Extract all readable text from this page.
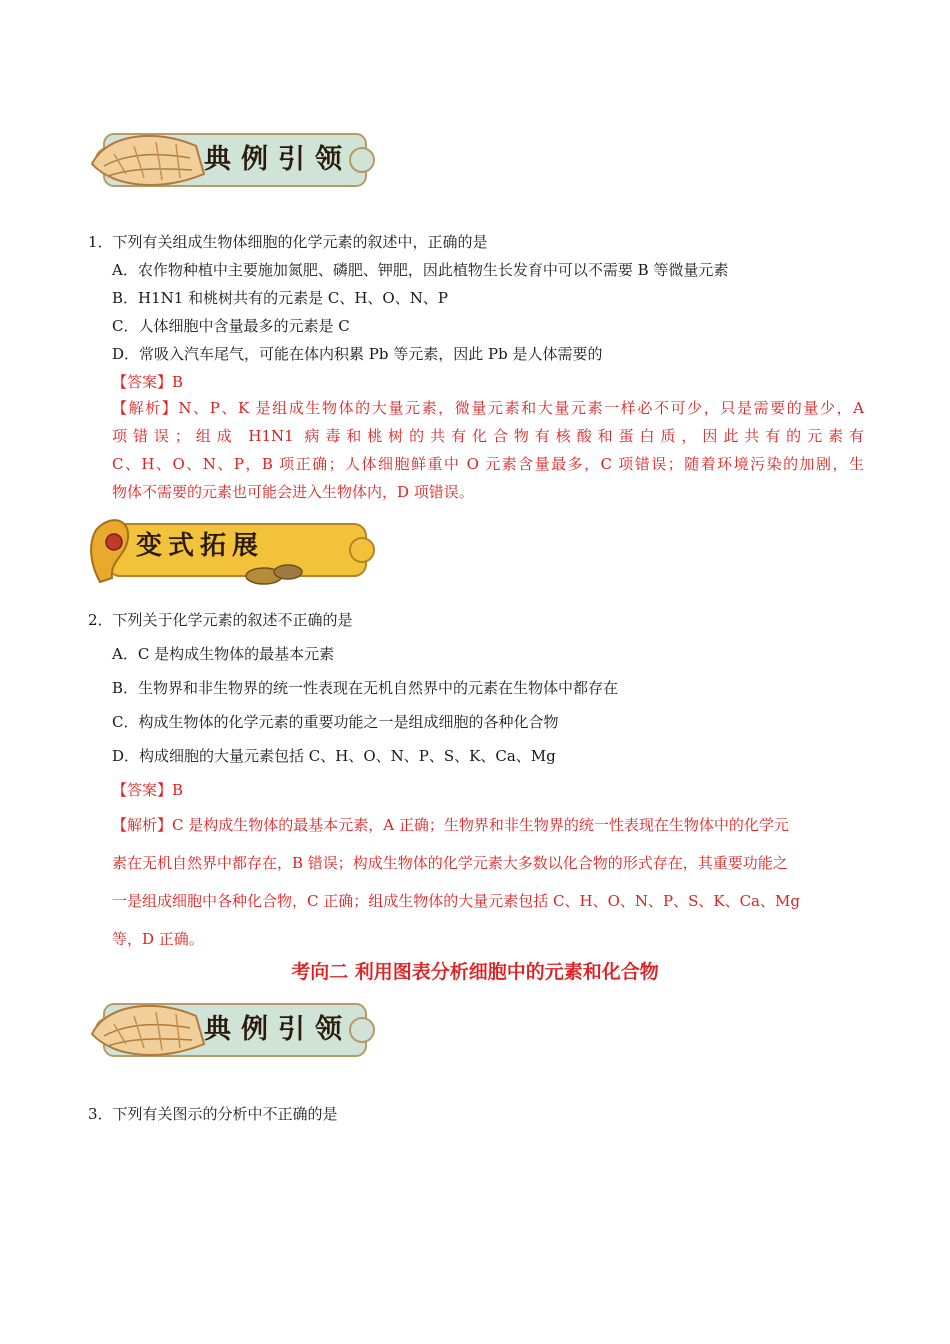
典例引领
1．下列有关组成生物体细胞的化学元素的叙述中，正确的是
A．农作物种植中主要施加氮肥、磷肥、钾肥，因此植物生长发育中可以不需要 B 等微量元素
B．H1N1 和桃树共有的元素是 C、H、O、N、P
C．人体细胞中含量最多的元素是 C
D．常吸入汽车尾气，可能在体内积累 Pb 等元素，因此 Pb 是人体需要的
【答案】B

【解析】N、P、K 是组成生物体的大量元素，微量元素和大量元素一样必不可少，只是需要的量少，A

项错误；组成 H1N1 病毒和桃树的共有化合物有核酸和蛋白质，因此共有的元素有

C、H、O、N、P，B 项正确；人体细胞鲜重中 O 元素含量最多，C 项错误；随着环境污染的加剧，生

物体不需要的元素也可能会进入生物体内，D 项错误。

变式拓展
2．下列关于化学元素的叙述不正确的是
A．C 是构成生物体的最基本元素
B．生物界和非生物界的统一性表现在无机自然界中的元素在生物体中都存在
C．构成生物体的化学元素的重要功能之一是组成细胞的各种化合物
D．构成细胞的大量元素包括 C、H、O、N、P、S、K、Ca、Mg
【答案】B

【解析】C 是构成生物体的最基本元素，A 正确；生物界和非生物界的统一性表现在生物体中的化学元

素在无机自然界中都存在，B 错误；构成生物体的化学元素大多数以化合物的形式存在，其重要功能之

一是组成细胞中各种化合物，C 正确；组成生物体的大量元素包括 C、H、O、N、P、S、K、Ca、Mg

等，D 正确。

考向二 利用图表分析细胞中的元素和化合物
典例引领
3．下列有关图示的分析中不正确的是
